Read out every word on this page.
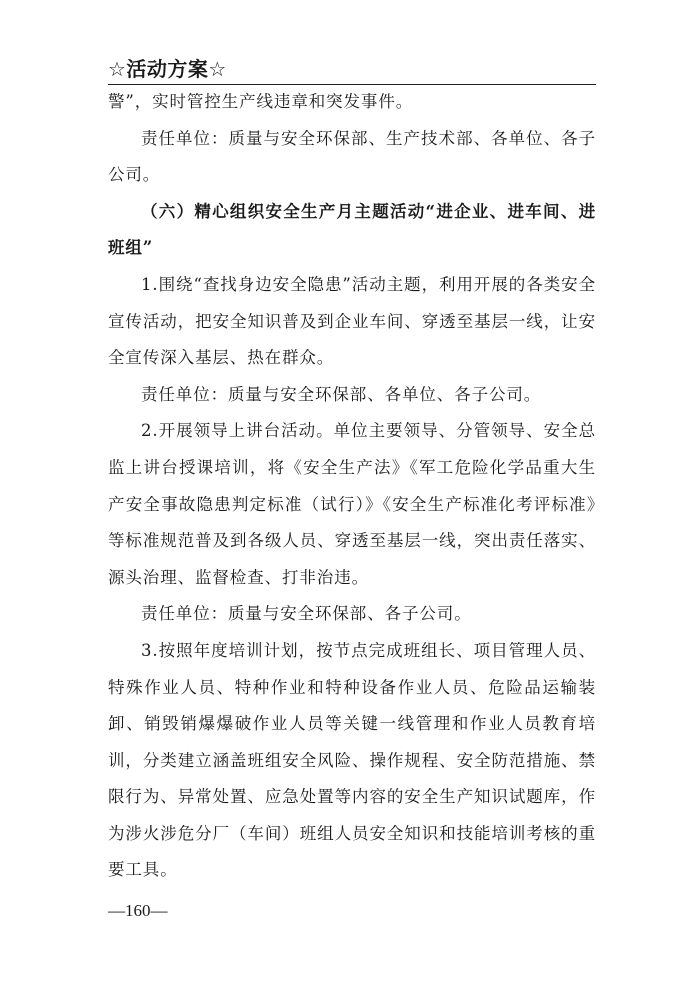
☆活动方案☆

警”，实时管控生产线违章和突发事件。

责任单位：质量与安全环保部、生产技术部、各单位、各子公司。

（六）精心组织安全生产月主题活动“进企业、进车间、进班组”

1.围绕“查找身边安全隐患”活动主题，利用开展的各类安全宣传活动，把安全知识普及到企业车间、穿透至基层一线，让安全宣传深入基层、热在群众。

责任单位：质量与安全环保部、各单位、各子公司。

2.开展领导上讲台活动。单位主要领导、分管领导、安全总监上讲台授课培训，将《安全生产法》《军工危险化学品重大生产安全事故隐患判定标准（试行）》《安全生产标准化考评标准》等标准规范普及到各级人员、穿透至基层一线，突出责任落实、源头治理、监督检查、打非治违。

责任单位：质量与安全环保部、各子公司。

3.按照年度培训计划，按节点完成班组长、项目管理人员、特殊作业人员、特种作业和特种设备作业人员、危险品运输装卸、销毁销爆爆破作业人员等关键一线管理和作业人员教育培训，分类建立涵盖班组安全风险、操作规程、安全防范措施、禁限行为、异常处置、应急处置等内容的安全生产知识试题库，作为涉火涉危分厂（车间）班组人员安全知识和技能培训考核的重要工具。

—160—
